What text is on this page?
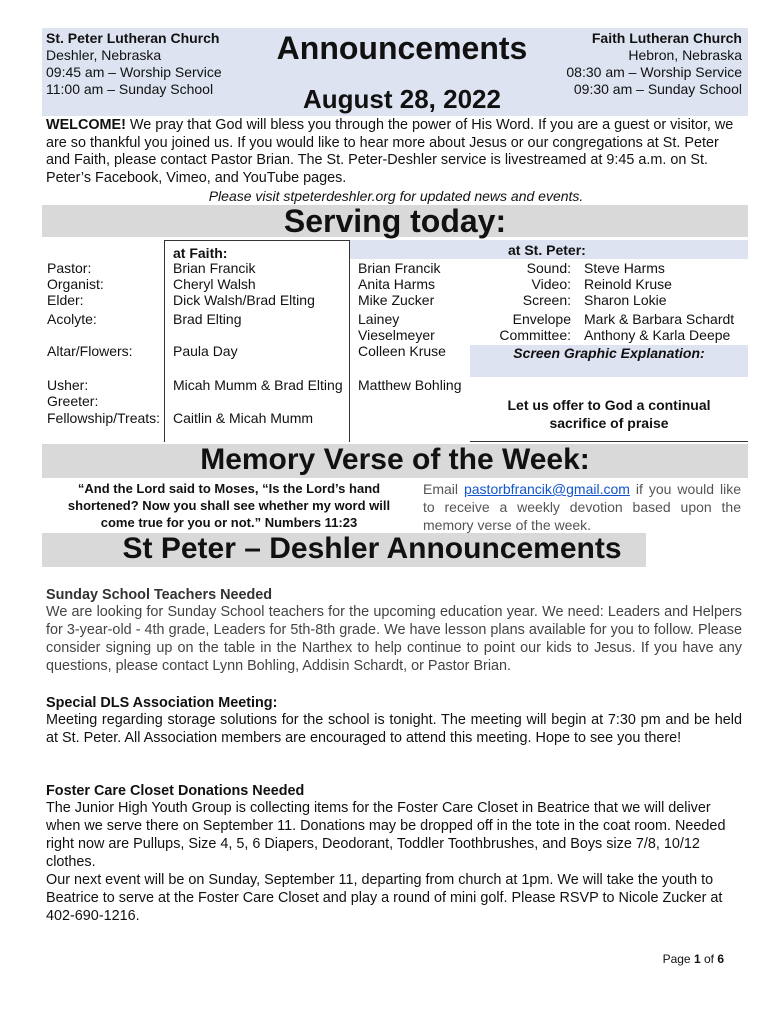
St. Peter Lutheran Church
Deshler, Nebraska
09:45 am – Worship Service
11:00 am – Sunday School
Announcements
August 28, 2022
Faith Lutheran Church
Hebron, Nebraska
08:30 am – Worship Service
09:30 am – Sunday School
WELCOME! We pray that God will bless you through the power of His Word. If you are a guest or visitor, we are so thankful you joined us. If you would like to hear more about Jesus or our congregations at St. Peter and Faith, please contact Pastor Brian. The St. Peter-Deshler service is livestreamed at 9:45 a.m. on St. Peter’s Facebook, Vimeo, and YouTube pages.
Please visit stpeterdeshler.org for updated news and events.
Serving today:
at Faith:	at St. Peter:
Pastor:
Organist:
Elder:
Acolyte:
Altar/Flowers:
Usher:
Greeter:
Fellowship/Treats:
Brian Francik
Cheryl Walsh
Dick Walsh/Brad Elting
Brad Elting
Paula Day
Micah Mumm & Brad Elting
Caitlin & Micah Mumm
Brian Francik
Anita Harms
Mike Zucker
Lainey
Vieselmeyer
Colleen Kruse
Matthew Bohling
Sound: Steve Harms
Video: Reinold Kruse
Screen: Sharon Lokie
Envelope Mark & Barbara Schardt
Committee: Anthony & Karla Deepe
Screen Graphic Explanation:
Let us offer to God a continual sacrifice of praise
Memory Verse of the Week:
“And the Lord said to Moses, “Is the Lord’s hand shortened? Now you shall see whether my word will come true for you or not.” Numbers 11:23
Email pastorbfrancik@gmail.com if you would like to receive a weekly devotion based upon the memory verse of the week.
St Peter – Deshler Announcements
Sunday School Teachers Needed
We are looking for Sunday School teachers for the upcoming education year. We need: Leaders and Helpers for 3-year-old - 4th grade, Leaders for 5th-8th grade. We have lesson plans available for you to follow. Please consider signing up on the table in the Narthex to help continue to point our kids to Jesus. If you have any questions, please contact Lynn Bohling, Addisin Schardt, or Pastor Brian.
Special DLS Association Meeting:
Meeting regarding storage solutions for the school is tonight. The meeting will begin at 7:30 pm and be held at St. Peter. All Association members are encouraged to attend this meeting. Hope to see you there!
Foster Care Closet Donations Needed
The Junior High Youth Group is collecting items for the Foster Care Closet in Beatrice that we will deliver when we serve there on September 11. Donations may be dropped off in the tote in the coat room. Needed right now are Pullups, Size 4, 5, 6 Diapers, Deodorant, Toddler Toothbrushes, and Boys size 7/8, 10/12 clothes.
Our next event will be on Sunday, September 11, departing from church at 1pm. We will take the youth to Beatrice to serve at the Foster Care Closet and play a round of mini golf. Please RSVP to Nicole Zucker at 402-690-1216.
Page 1 of 6
